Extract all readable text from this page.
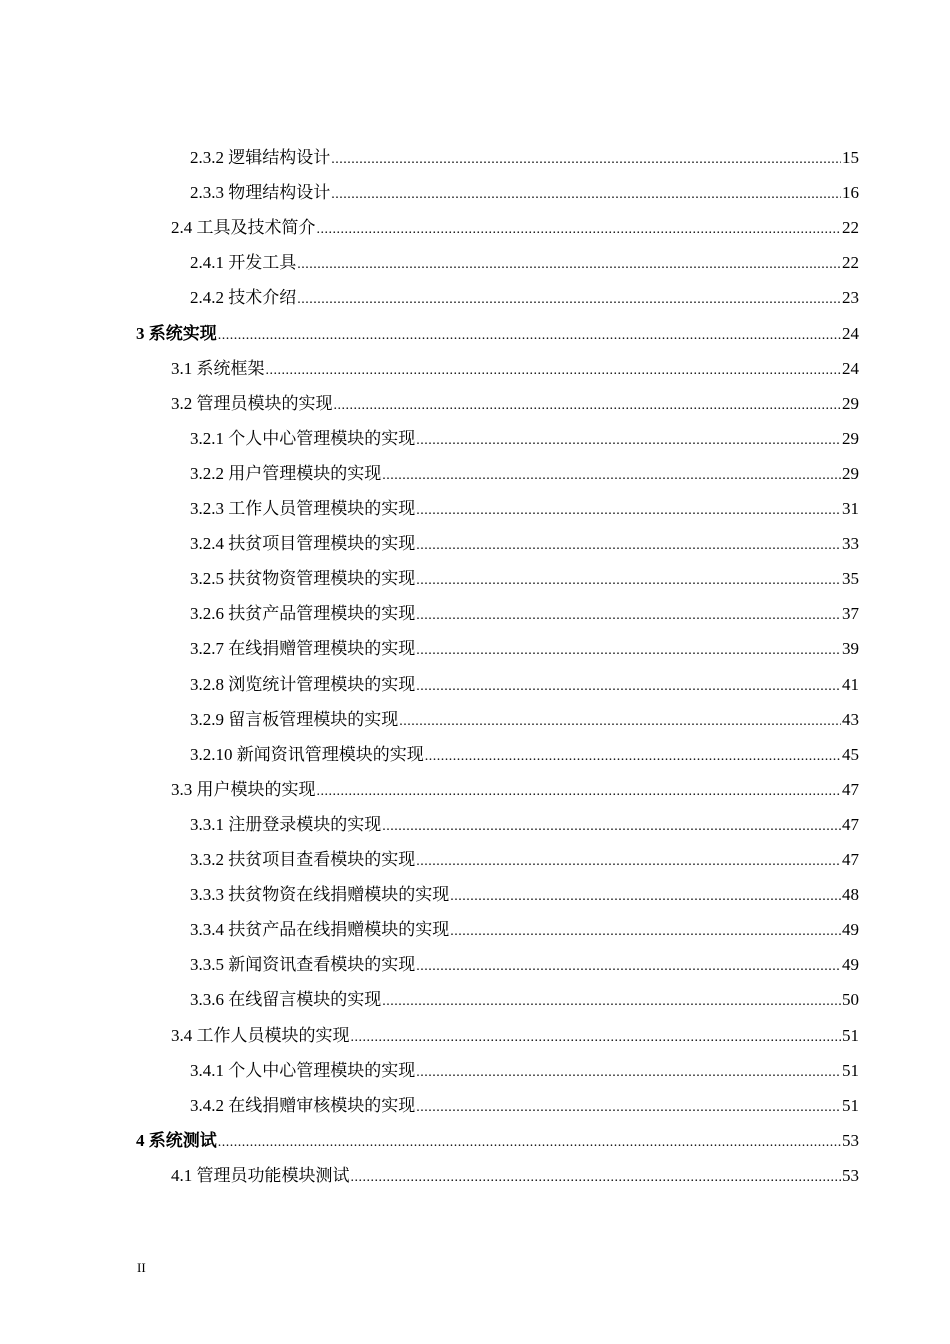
2.3.2 逻辑结构设计 .....	15
2.3.3 物理结构设计 .....	16
2.4 工具及技术简介 .....	22
2.4.1 开发工具 .....	22
2.4.2 技术介绍 .....	23
3 系统实现 .....	24
3.1 系统框架 .....	24
3.2 管理员模块的实现 .....	29
3.2.1 个人中心管理模块的实现 .....	29
3.2.2 用户管理模块的实现 .....	29
3.2.3 工作人员管理模块的实现 .....	31
3.2.4 扶贫项目管理模块的实现 .....	33
3.2.5 扶贫物资管理模块的实现 .....	35
3.2.6 扶贫产品管理模块的实现 .....	37
3.2.7 在线捐赠管理模块的实现 .....	39
3.2.8 浏览统计管理模块的实现 .....	41
3.2.9 留言板管理模块的实现 .....	43
3.2.10 新闻资讯管理模块的实现 .....	45
3.3 用户模块的实现 .....	47
3.3.1 注册登录模块的实现 .....	47
3.3.2 扶贫项目查看模块的实现 .....	47
3.3.3 扶贫物资在线捐赠模块的实现 .....	48
3.3.4 扶贫产品在线捐赠模块的实现 .....	49
3.3.5 新闻资讯查看模块的实现 .....	49
3.3.6 在线留言模块的实现 .....	50
3.4 工作人员模块的实现 .....	51
3.4.1 个人中心管理模块的实现 .....	51
3.4.2 在线捐赠审核模块的实现 .....	51
4 系统测试 .....	53
4.1 管理员功能模块测试 .....	53
II
